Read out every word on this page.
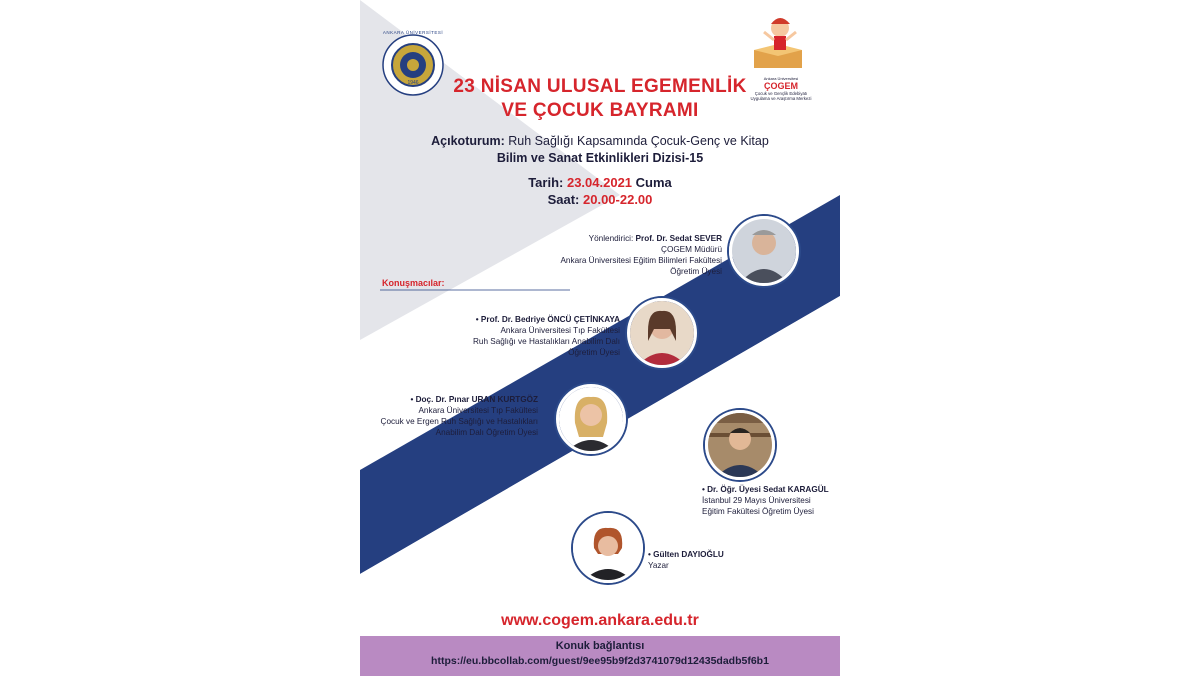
1946
ANKARA ÜNİVERSİTESİ
Ankara Üniversitesi
ÇOGEM
Çocuk ve Gençlik Edebiyatı
Uygulama ve Araştırma Merkezi
23 NİSAN ULUSAL EGEMENLİK
VE ÇOCUK BAYRAMI
Açıkoturum: Ruh Sağlığı Kapsamında Çocuk-Genç ve Kitap
Bilim ve Sanat Etkinlikleri Dizisi-15
Tarih: 23.04.2021 Cuma
Saat: 20.00-22.00
Yönlendirici: Prof. Dr. Sedat SEVER
ÇOGEM Müdürü
Ankara Üniversitesi Eğitim Bilimleri Fakültesi
Öğretim Üyesi
Konuşmacılar:
• Prof. Dr. Bedriye ÖNCÜ ÇETİNKAYA
Ankara Üniversitesi Tıp Fakültesi
Ruh Sağlığı ve Hastalıkları Anabilim Dalı
Öğretim Üyesi
• Doç. Dr. Pınar URAN KURTGÖZ
Ankara Üniversitesi Tıp Fakültesi
Çocuk ve Ergen Ruh Sağlığı ve Hastalıkları
Anabilim Dalı Öğretim Üyesi
• Dr. Öğr. Üyesi Sedat KARAGÜL
İstanbul 29 Mayıs Üniversitesi
Eğitim Fakültesi Öğretim Üyesi
• Gülten DAYIOĞLU
Yazar
www.cogem.ankara.edu.tr
Konuk bağlantısı
https://eu.bbcollab.com/guest/9ee95b9f2d3741079d12435dadb5f6b1
